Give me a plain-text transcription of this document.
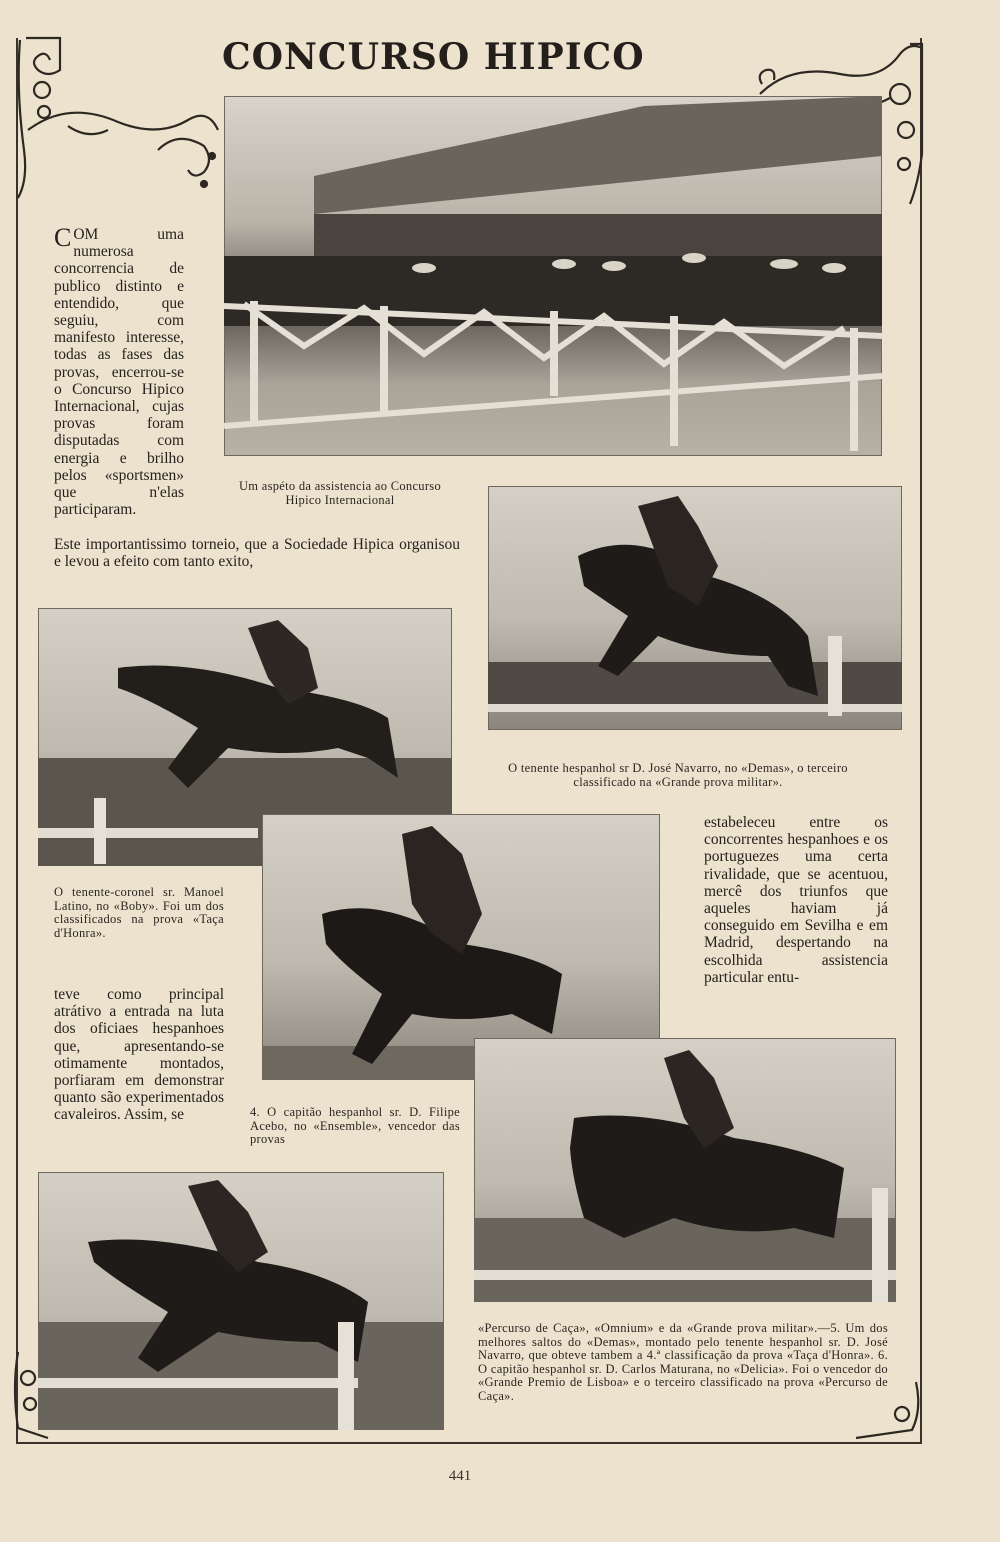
CONCURSO HIPICO
COM uma numerosa concorrencia de publico distinto e entendido, que seguiu, com manifesto interesse, todas as fases das provas, encerrou-se o Concurso Hipico Internacional, cujas provas foram disputadas com energia e brilho pelos «sportsmen» que n'elas participaram.
Este importantissimo torneio, que a Sociedade Hipica organisou e levou a efeito com tanto exito,
estabeleceu entre os concorrentes hespanhoes e os portuguezes uma certa rivalidade, que se acentuou, mercê dos triunfos que aqueles haviam já conseguido em Sevilha e em Madrid, despertando na escolhida assistencia particular entu-
teve como principal atrátivo a entrada na luta dos oficiaes hespanhoes que, apresentando-se otimamente montados, porfiaram em demonstrar quanto são experimentados cavaleiros. Assim, se
Um aspéto da assistencia ao Concurso Hipico Internacional
O tenente hespanhol sr D. José Navarro, no «Demas», o terceiro classificado na «Grande prova militar».
O tenente-coronel sr. Manoel Latino, no «Boby». Foi um dos classificados na prova «Taça d'Honra».
4. O capitão hespanhol sr. D. Filipe Acebo, no «Ensemble», vencedor das provas
«Percurso de Caça», «Omnium» e da «Grande prova militar».—5. Um dos melhores saltos do «Demas», montado pelo tenente hespanhol sr. D. José Navarro, que obteve tambem a 4.ª classificação da prova «Taça d'Honra». 6. O capitão hespanhol sr. D. Carlos Maturana, no «Delicia». Foi o vencedor do «Grande Premio de Lisboa» e o terceiro classificado na prova «Percurso de Caça».
441
